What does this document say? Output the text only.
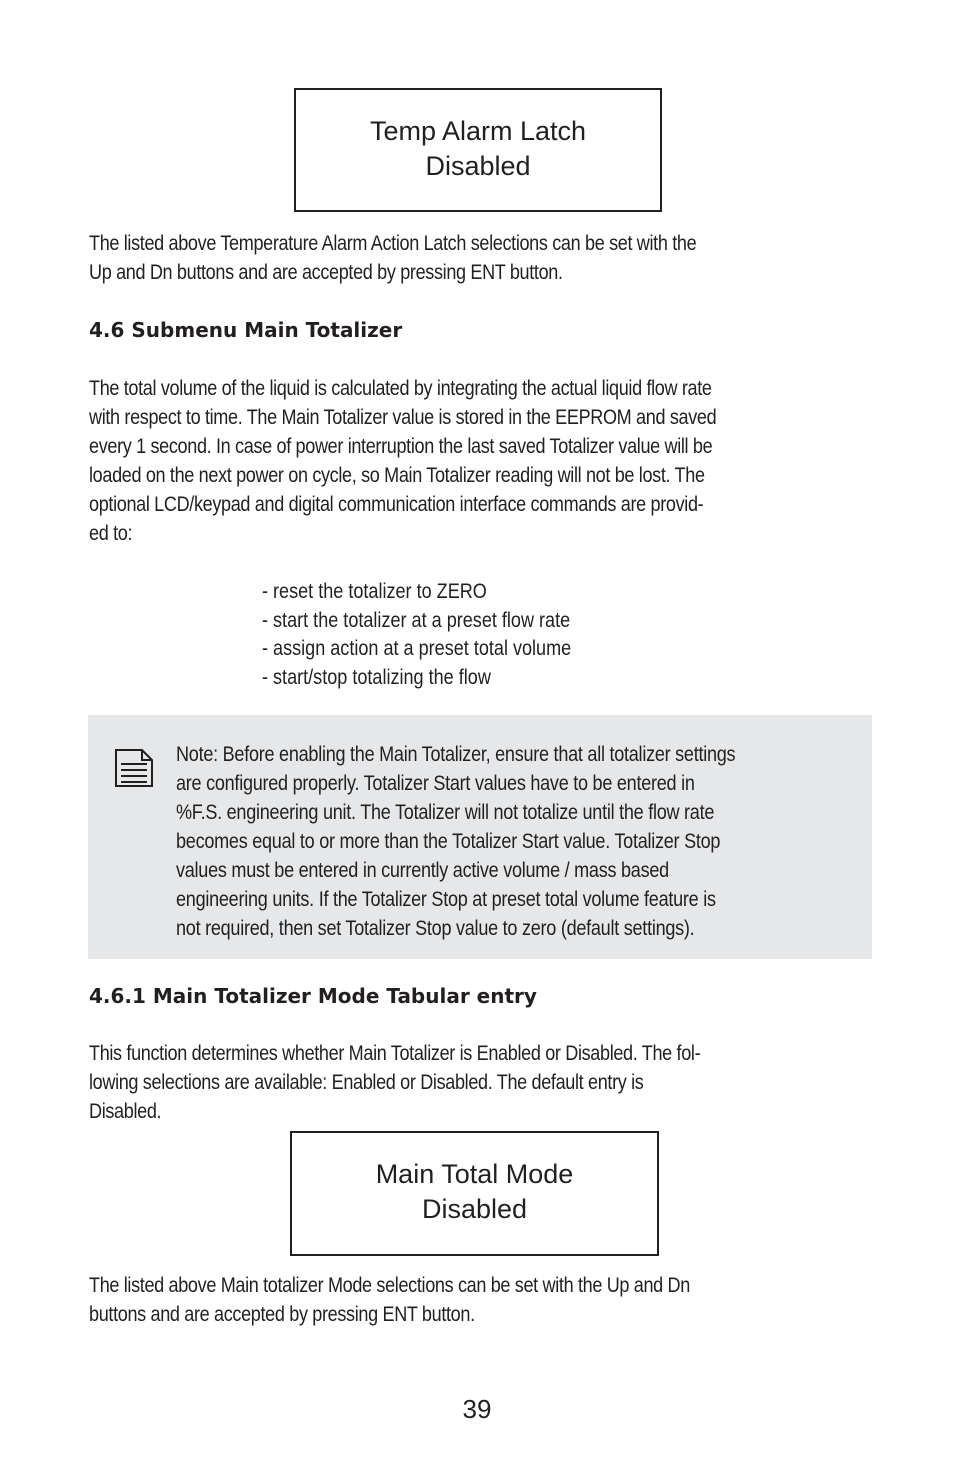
Temp Alarm Latch
Disabled

The listed above Temperature Alarm Action Latch selections can be set with the
Up and Dn buttons and are accepted by pressing ENT button.

4.6 Submenu Main Totalizer

The total volume of the liquid is calculated by integrating the actual liquid flow rate
with respect to time. The Main Totalizer value is stored in the EEPROM and saved
every 1 second. In case of power interruption the last saved Totalizer value will be
loaded on the next power on cycle, so Main Totalizer reading will not be lost. The
optional LCD/keypad and digital communication interface commands are provid-
ed to:

- reset the totalizer to ZERO
- start the totalizer at a preset flow rate
- assign action at a preset total volume
- start/stop totalizing the flow

Note: Before enabling the Main Totalizer, ensure that all totalizer settings
are configured properly. Totalizer Start values have to be entered in
%F.S. engineering unit. The Totalizer will not totalize until the flow rate
becomes equal to or more than the Totalizer Start value. Totalizer Stop
values must be entered in currently active volume / mass based
engineering units. If the Totalizer Stop at preset total volume feature is
not required, then set Totalizer Stop value to zero (default settings).

4.6.1 Main Totalizer Mode Tabular entry

This function determines whether Main Totalizer is Enabled or Disabled. The fol-
lowing selections are available: Enabled or Disabled. The default entry is
Disabled.

Main Total Mode
Disabled

The listed above Main totalizer Mode selections can be set with the Up and Dn
buttons and are accepted by pressing ENT button.

39
